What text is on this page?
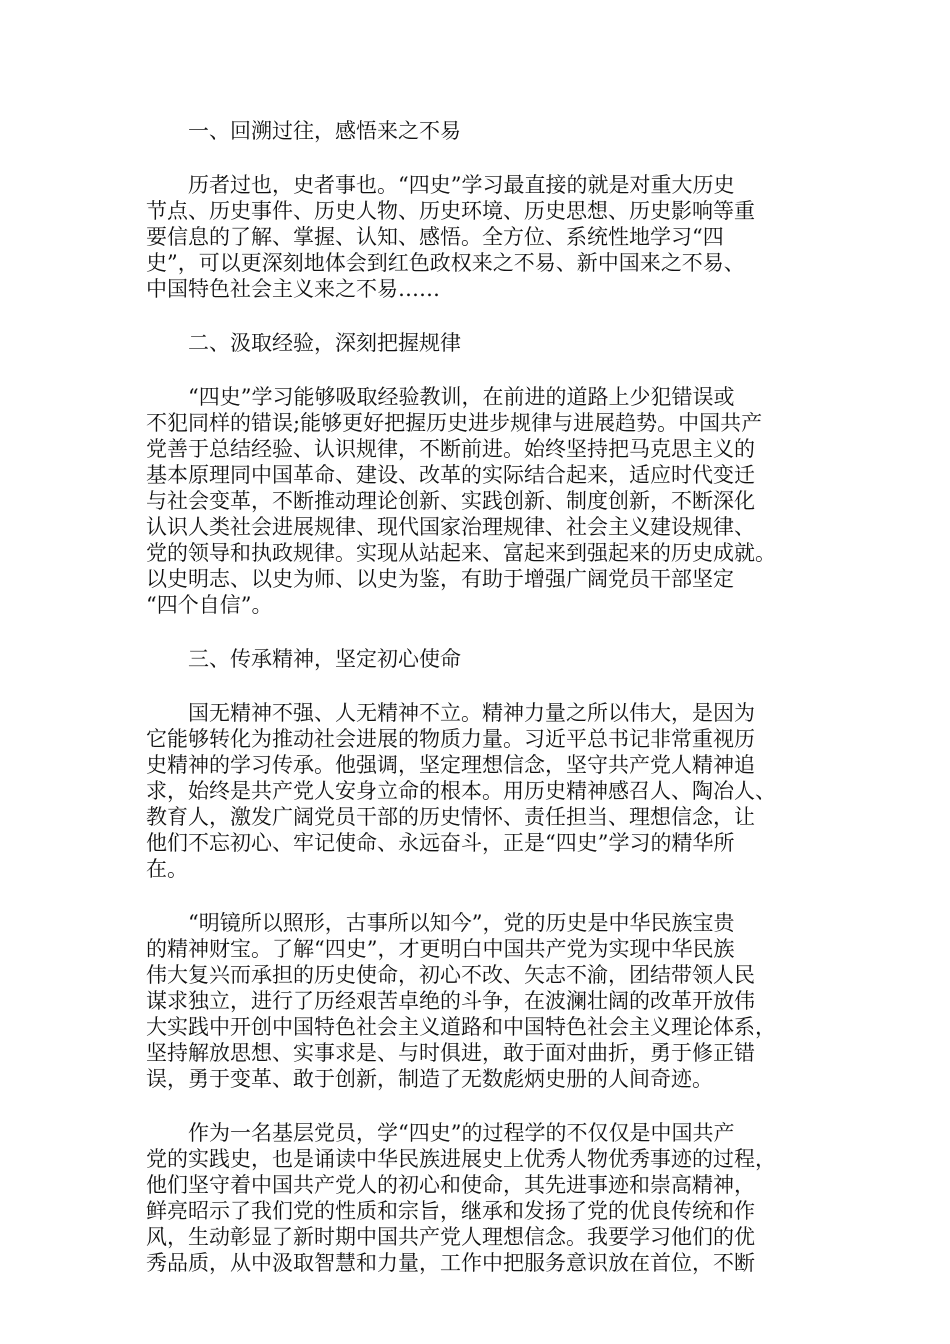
一、回溯过往，感悟来之不易
历者过也，史者事也。“四史”学习最直接的就是对重大历史
节点、历史事件、历史人物、历史环境、历史思想、历史影响等重
要信息的了解、掌握、认知、感悟。全方位、系统性地学习“四
史”，可以更深刻地体会到红色政权来之不易、新中国来之不易、
中国特色社会主义来之不易……
二、汲取经验，深刻把握规律
“四史”学习能够吸取经验教训，在前进的道路上少犯错误或
不犯同样的错误;能够更好把握历史进步规律与进展趋势。中国共产
党善于总结经验、认识规律，不断前进。始终坚持把马克思主义的
基本原理同中国革命、建设、改革的实际结合起来，适应时代变迁
与社会变革，不断推动理论创新、实践创新、制度创新，不断深化
认识人类社会进展规律、现代国家治理规律、社会主义建设规律、
党的领导和执政规律。实现从站起来、富起来到强起来的历史成就。
以史明志、以史为师、以史为鉴，有助于增强广阔党员干部坚定
“四个自信”。
三、传承精神，坚定初心使命
国无精神不强、人无精神不立。精神力量之所以伟大，是因为
它能够转化为推动社会进展的物质力量。习近平总书记非常重视历
史精神的学习传承。他强调，坚定理想信念，坚守共产党人精神追
求，始终是共产党人安身立命的根本。用历史精神感召人、陶冶人、
教育人，激发广阔党员干部的历史情怀、责任担当、理想信念，让
他们不忘初心、牢记使命、永远奋斗，正是“四史”学习的精华所
在。
“明镜所以照形，古事所以知今”，党的历史是中华民族宝贵
的精神财宝。了解“四史”，才更明白中国共产党为实现中华民族
伟大复兴而承担的历史使命，初心不改、矢志不渝，团结带领人民
谋求独立，进行了历经艰苦卓绝的斗争，在波澜壮阔的改革开放伟
大实践中开创中国特色社会主义道路和中国特色社会主义理论体系，
坚持解放思想、实事求是、与时俱进，敢于面对曲折，勇于修正错
误，勇于变革、敢于创新，制造了无数彪炳史册的人间奇迹。
作为一名基层党员，学“四史”的过程学的不仅仅是中国共产
党的实践史，也是诵读中华民族进展史上优秀人物优秀事迹的过程，
他们坚守着中国共产党人的初心和使命，其先进事迹和崇高精神，
鲜亮昭示了我们党的性质和宗旨，继承和发扬了党的优良传统和作
风，生动彰显了新时期中国共产党人理想信念。我要学习他们的优
秀品质，从中汲取智慧和力量，工作中把服务意识放在首位，不断
